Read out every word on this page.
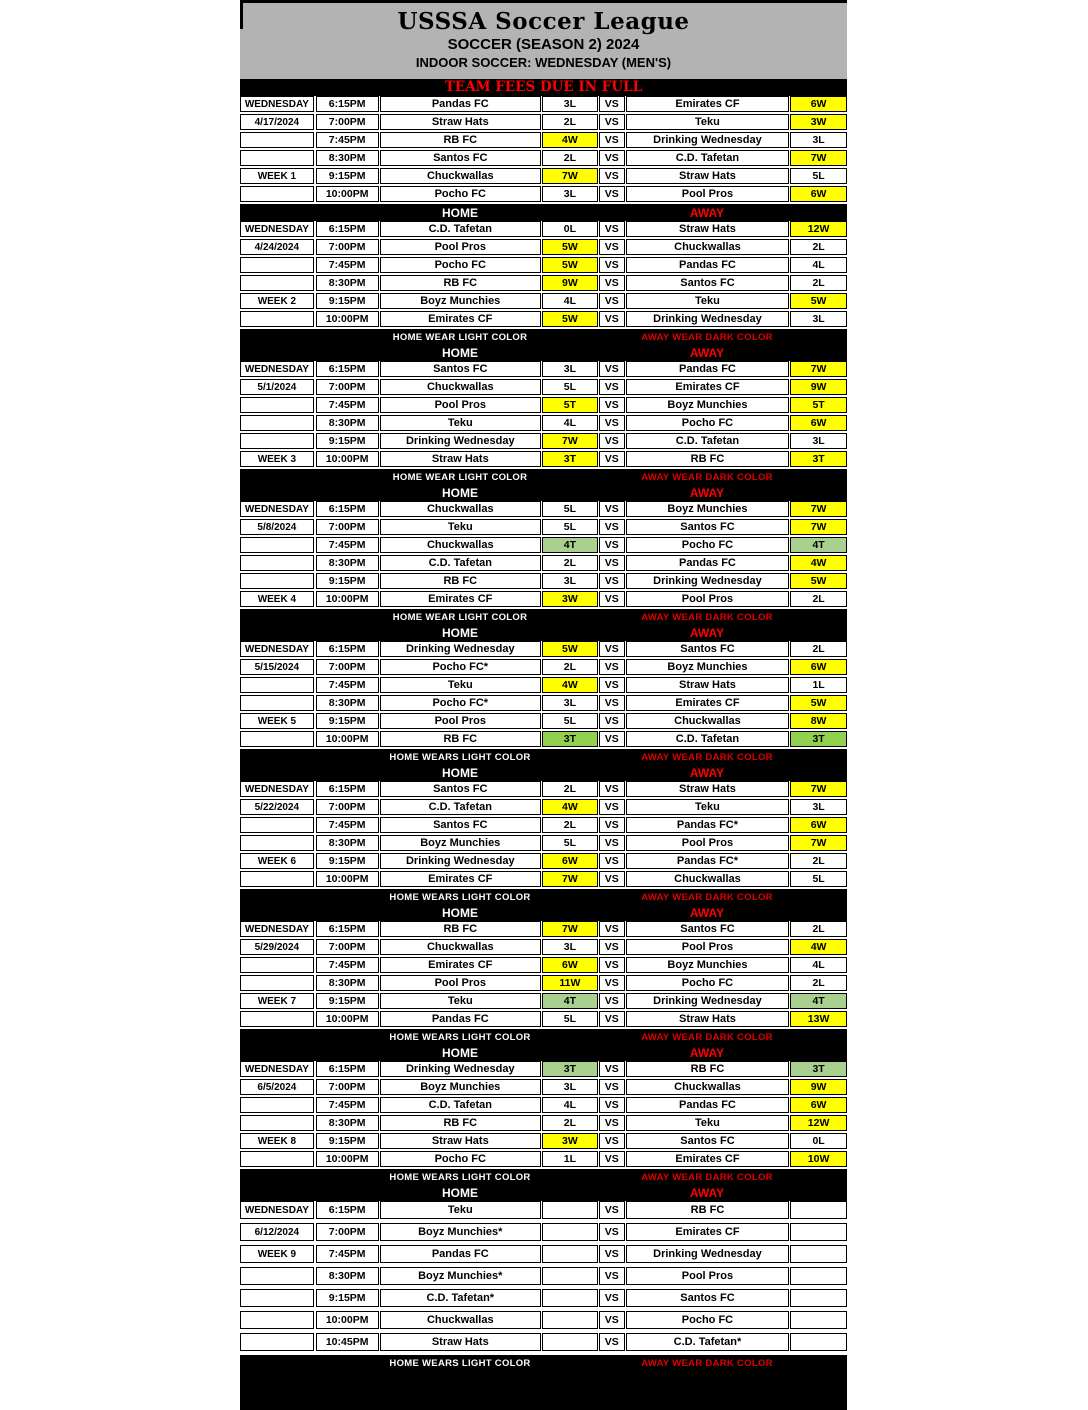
USSSA Soccer League
SOCCER (SEASON 2) 2024
INDOOR SOCCER: WEDNESDAY (MEN'S)
TEAM FEES DUE IN FULL
WEDNESDAY	6:15PM	Pandas FC	3L	VS	Emirates CF	6W
4/17/2024	7:00PM	Straw Hats	2L	VS	Teku	3W
7:45PM	RB FC	4W	VS	Drinking Wednesday	3L
8:30PM	Santos FC	2L	VS	C.D. Tafetan	7W
WEEK 1	9:15PM	Chuckwallas	7W	VS	Straw Hats	5L
10:00PM	Pocho FC	3L	VS	Pool Pros	6W
HOME	AWAY
WEDNESDAY	6:15PM	C.D. Tafetan	0L	VS	Straw Hats	12W
4/24/2024	7:00PM	Pool Pros	5W	VS	Chuckwallas	2L
7:45PM	Pocho FC	5W	VS	Pandas FC	4L
8:30PM	RB FC	9W	VS	Santos FC	2L
WEEK 2	9:15PM	Boyz Munchies	4L	VS	Teku	5W
10:00PM	Emirates CF	5W	VS	Drinking Wednesday	3L
HOME WEAR LIGHT COLOR	AWAY WEAR DARK COLOR
HOME	AWAY
WEDNESDAY	6:15PM	Santos FC	3L	VS	Pandas FC	7W
5/1/2024	7:00PM	Chuckwallas	5L	VS	Emirates CF	9W
7:45PM	Pool Pros	5T	VS	Boyz Munchies	5T
8:30PM	Teku	4L	VS	Pocho FC	6W
9:15PM	Drinking Wednesday	7W	VS	C.D. Tafetan	3L
WEEK 3	10:00PM	Straw Hats	3T	VS	RB FC	3T
HOME WEAR LIGHT COLOR	AWAY WEAR DARK COLOR
HOME	AWAY
WEDNESDAY	6:15PM	Chuckwallas	5L	VS	Boyz Munchies	7W
5/8/2024	7:00PM	Teku	5L	VS	Santos FC	7W
7:45PM	Chuckwallas	4T	VS	Pocho FC	4T
8:30PM	C.D. Tafetan	2L	VS	Pandas FC	4W
9:15PM	RB FC	3L	VS	Drinking Wednesday	5W
WEEK 4	10:00PM	Emirates CF	3W	VS	Pool Pros	2L
HOME WEAR LIGHT COLOR	AWAY WEAR DARK COLOR
HOME	AWAY
WEDNESDAY	6:15PM	Drinking Wednesday	5W	VS	Santos FC	2L
5/15/2024	7:00PM	Pocho FC*	2L	VS	Boyz Munchies	6W
7:45PM	Teku	4W	VS	Straw Hats	1L
8:30PM	Pocho FC*	3L	VS	Emirates CF	5W
WEEK 5	9:15PM	Pool Pros	5L	VS	Chuckwallas	8W
10:00PM	RB FC	3T	VS	C.D. Tafetan	3T
HOME WEARS LIGHT COLOR	AWAY WEAR DARK COLOR
HOME	AWAY
WEDNESDAY	6:15PM	Santos FC	2L	VS	Straw Hats	7W
5/22/2024	7:00PM	C.D. Tafetan	4W	VS	Teku	3L
7:45PM	Santos FC	2L	VS	Pandas FC*	6W
8:30PM	Boyz Munchies	5L	VS	Pool Pros	7W
WEEK 6	9:15PM	Drinking Wednesday	6W	VS	Pandas FC*	2L
10:00PM	Emirates CF	7W	VS	Chuckwallas	5L
HOME WEARS LIGHT COLOR	AWAY WEAR DARK COLOR
HOME	AWAY
WEDNESDAY	6:15PM	RB FC	7W	VS	Santos FC	2L
5/29/2024	7:00PM	Chuckwallas	3L	VS	Pool Pros	4W
7:45PM	Emirates CF	6W	VS	Boyz Munchies	4L
8:30PM	Pool Pros	11W	VS	Pocho FC	2L
WEEK 7	9:15PM	Teku	4T	VS	Drinking Wednesday	4T
10:00PM	Pandas FC	5L	VS	Straw Hats	13W
HOME WEARS LIGHT COLOR	AWAY WEAR DARK COLOR
HOME	AWAY
WEDNESDAY	6:15PM	Drinking Wednesday	3T	VS	RB FC	3T
6/5/2024	7:00PM	Boyz Munchies	3L	VS	Chuckwallas	9W
7:45PM	C.D. Tafetan	4L	VS	Pandas FC	6W
8:30PM	RB FC	2L	VS	Teku	12W
WEEK 8	9:15PM	Straw Hats	3W	VS	Santos FC	0L
10:00PM	Pocho FC	1L	VS	Emirates CF	10W
HOME WEARS LIGHT COLOR	AWAY WEAR DARK COLOR
HOME	AWAY
WEDNESDAY	6:15PM	Teku	VS	RB FC
6/12/2024	7:00PM	Boyz Munchies*	VS	Emirates CF
WEEK 9	7:45PM	Pandas FC	VS	Drinking Wednesday
8:30PM	Boyz Munchies*	VS	Pool Pros
9:15PM	C.D. Tafetan*	VS	Santos FC
10:00PM	Chuckwallas	VS	Pocho FC
10:45PM	Straw Hats	VS	C.D. Tafetan*
HOME WEARS LIGHT COLOR	AWAY WEAR DARK COLOR
